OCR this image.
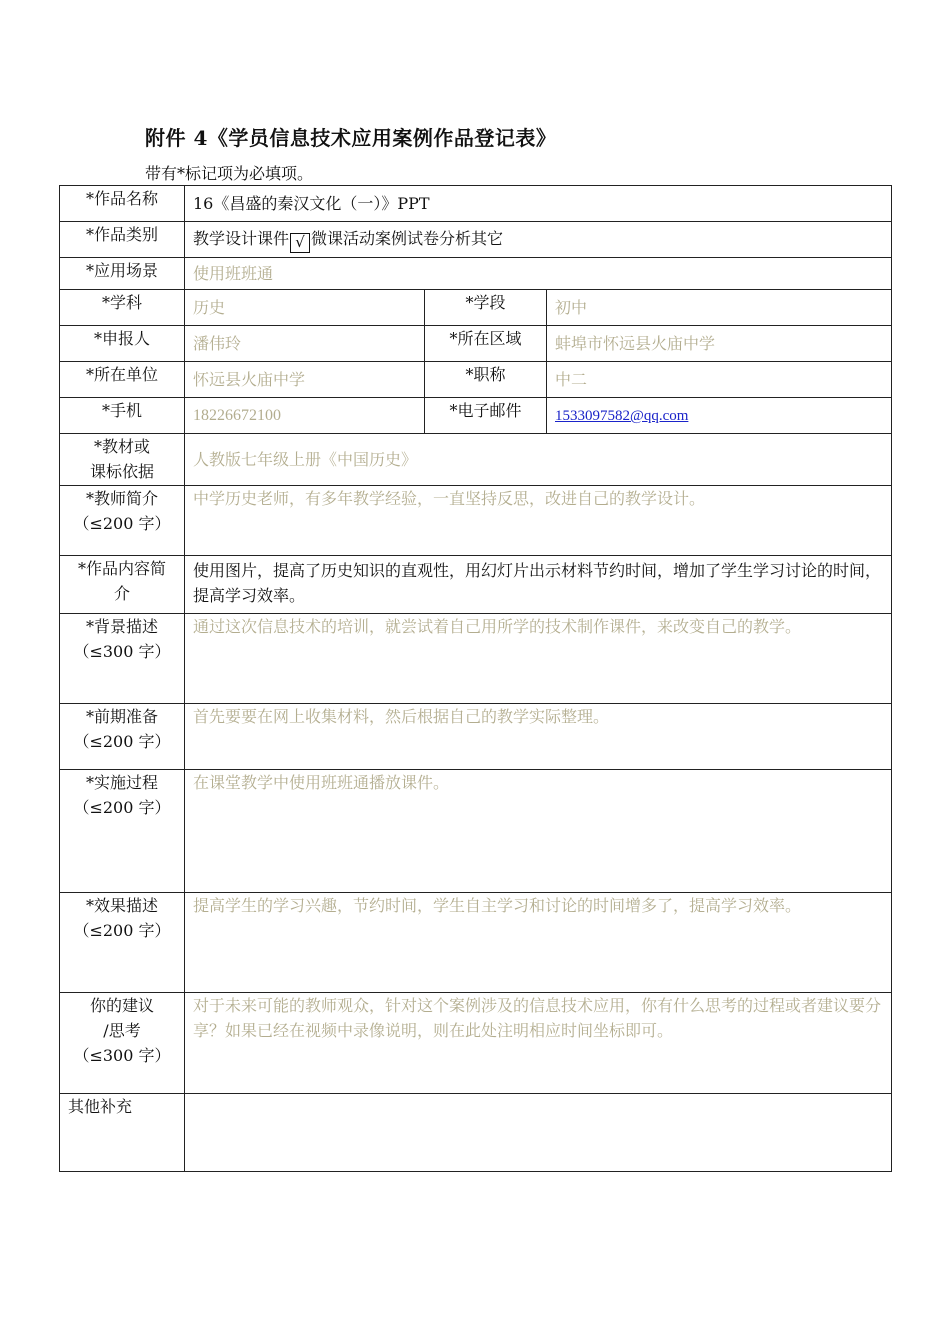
附件 4《学员信息技术应用案例作品登记表》
带有*标记项为必填项。
*作品名称	16《昌盛的秦汉文化（一）》PPT		
*作品类别	教学设计课件 √ 微课活动案例试卷分析其它		
*应用场景	使用班班通		
*学科	历史	*学段	初中
*申报人	潘伟玲	*所在区域	蚌埠市怀远县火庙中学
*所在单位	怀远县火庙中学	*职称	中二
*手机	18226672100	*电子邮件	1533097582@qq.com

*教材或
课标依据	人教版七年级上册《中国历史》		

*教师简介
（≤200 字）	中学历史老师，有多年教学经验，一直坚持反思，改进自己的教学设计。		

*作品内容简
介	使用图片，提高了历史知识的直观性，用幻灯片出示材料节约时间，增加了学生学习讨论的时间，提高学习效率。		

*背景描述
（≤300 字）	通过这次信息技术的培训，就尝试着自己用所学的技术制作课件，来改变自己的教学。		

*前期准备
（≤200 字）	首先要要在网上收集材料，然后根据自己的教学实际整理。		

*实施过程
（≤200 字）	在课堂教学中使用班班通播放课件。		

*效果描述
（≤200 字）	提高学生的学习兴趣，节约时间，学生自主学习和讨论的时间增多了，提高学习效率。		

你的建议
/思考
（≤300 字）	对于未来可能的教师观众，针对这个案例涉及的信息技术应用，你有什么思考的过程或者建议要分享？如果已经在视频中录像说明，则在此处注明相应时间坐标即可。		
其他补充			
